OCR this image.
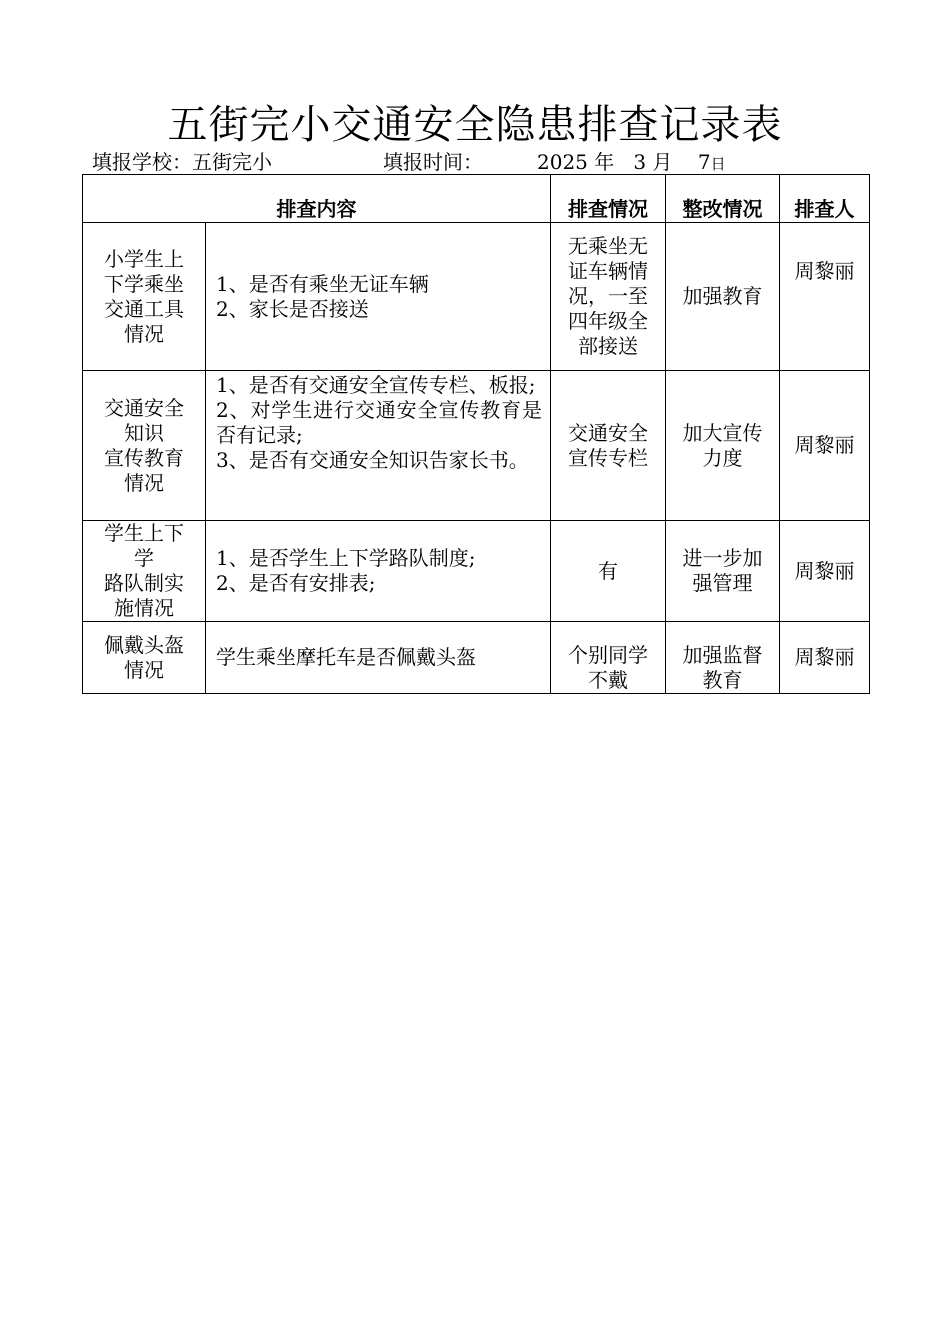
五街完小交通安全隐患排查记录表
填报学校：五街完小	填报时间：	2025 年 3 月 7日
排查内容		排查情况	整改情况	排查人

小学生上
下学乘坐
交通工具
情况	1、是否有乘坐无证车辆
2、家长是否接送	无乘坐无
证车辆情
况，一至
四年级全
部接送	加强教育	周黎丽

交通安全
知识
宣传教育
情况	1、是否有交通安全宣传专栏、板报;
2、对学生进行交通安全宣传教育是否有记录;
3、是否有交通安全知识告家长书。	交通安全
宣传专栏	加大宣传
力度	周黎丽

学生上下
学
路队制实
施情况	1、是否学生上下学路队制度;
2、是否有安排表;	有	进一步加
强管理	周黎丽

佩戴头盔
情况	学生乘坐摩托车是否佩戴头盔	个别同学
不戴	加强监督
教育	周黎丽
